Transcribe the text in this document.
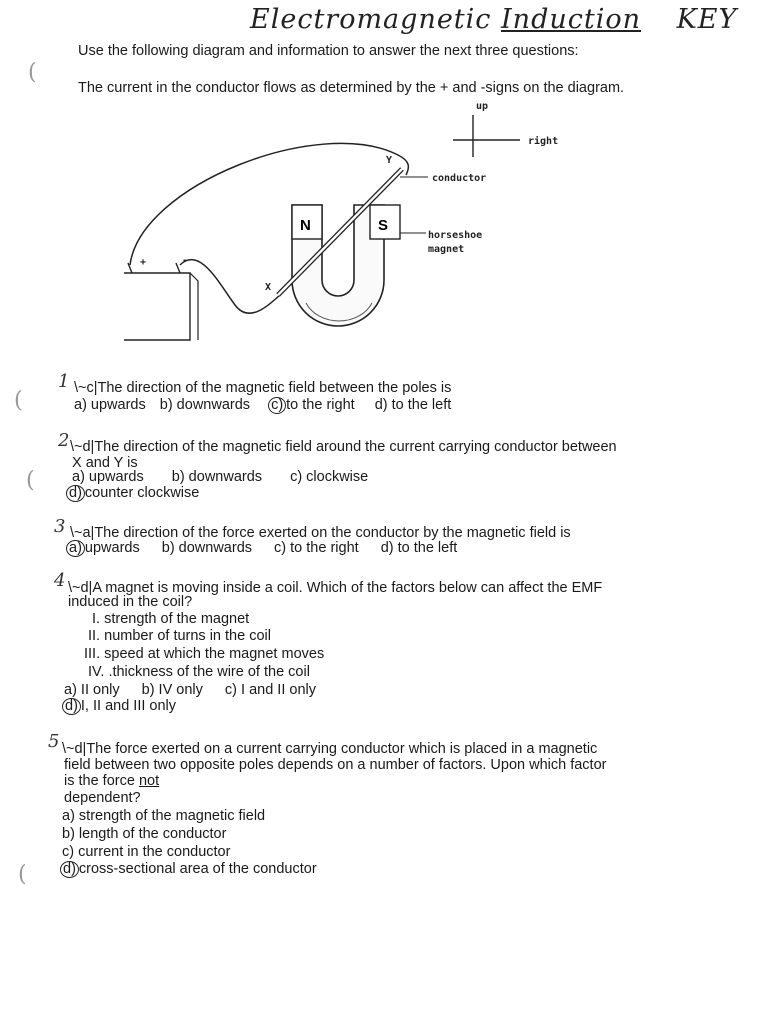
Electromagnetic Induction KEY
(
(
(
(
Use the following diagram and information to answer the next three questions:
The current in the conductor flows as determined by the + and -signs on the diagram.
up
right
+	-
N	S
X
Y
conductor
horseshoe
magnet
1 \~c|The direction of the magnetic field between the poles is
a) upwards b) downwards c) to the right d) to the left
2 \~d|The direction of the magnetic field around the current carrying conductor between
X and Y is
a) upwards b) downwards c) clockwise
d) counter clockwise
3 \~a|The direction of the force exerted on the conductor by the magnetic field is
a) upwards b) downwards c) to the right d) to the left
4 \~d|A magnet is moving inside a coil. Which of the factors below can affect the EMF
induced in the coil?
I. strength of the magnet
II. number of turns in the coil
III. speed at which the magnet moves
IV. .thickness of the wire of the coil
a) II only b) IV only c) I and II only
d) I, II and III only
5 \~d|The force exerted on a current carrying conductor which is placed in a magnetic
field between two opposite poles depends on a number of factors. Upon which factor
is the force not
dependent?
a) strength of the magnetic field
b) length of the conductor
c) current in the conductor
d) cross-sectional area of the conductor
